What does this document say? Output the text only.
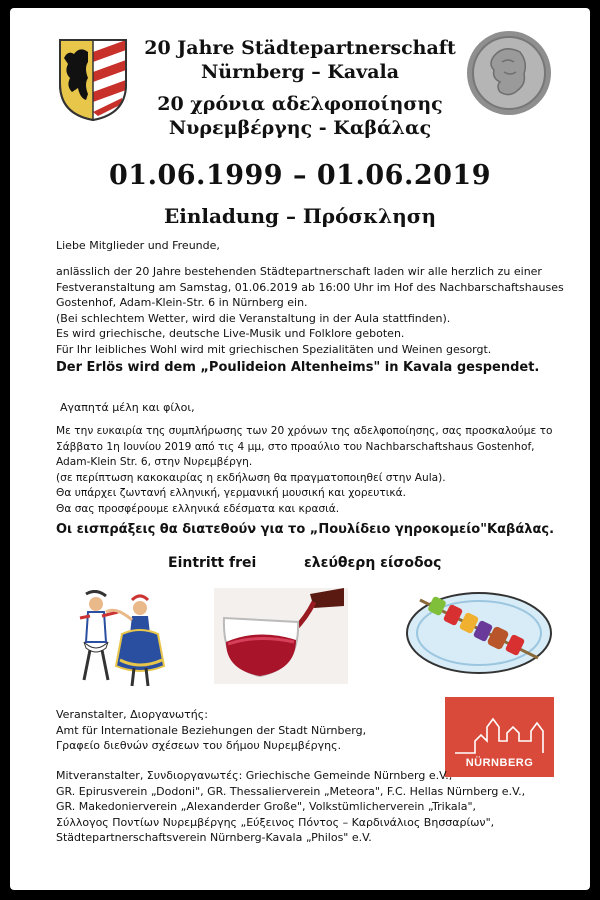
20 Jahre Städtepartnerschaft
Nürnberg – Kavala
20 χρόνια αδελφοποίησης
Νυρεμβέργης - Καβάλας
01.06.1999 – 01.06.2019
Einladung – Πρόσκληση
Liebe Mitglieder und Freunde,
anlässlich der 20 Jahre bestehenden Städtepartnerschaft laden wir alle herzlich zu einer
Festveranstaltung am Samstag, 01.06.2019 ab 16:00 Uhr im Hof des Nachbarschaftshauses
Gostenhof, Adam-Klein-Str. 6 in Nürnberg ein.
(Bei schlechtem Wetter, wird die Veranstaltung in der Aula stattfinden).
Es wird griechische, deutsche Live-Musik und Folklore geboten.
Für Ihr leibliches Wohl wird mit griechischen Spezialitäten und Weinen gesorgt.
Der Erlös wird dem „Poulideion Altenheims" in Kavala gespendet.
Αγαπητά μέλη και φίλοι,
Με την ευκαιρία της συμπλήρωσης των 20 χρόνων της αδελφοποίησης, σας προσκαλούμε το
Σάββατο 1η Ιουνίου 2019 από τις 4 μμ, στο προαύλιο του Nachbarschaftshaus Gostenhof,
Adam-Klein Str. 6, στην Νυρεμβέργη.
(σε περίπτωση κακοκαιρίας η εκδήλωση θα πραγματοποιηθεί στην Aula).
Θα υπάρχει ζωντανή ελληνική, γερμανική μουσική και χορευτικά.
Θα σας προσφέρουμε ελληνικά εδέσματα και κρασιά.
Οι εισπράξεις θα διατεθούν για το „Πουλίδειο γηροκομείο"Καβάλας.
Eintritt frei	ελεύθερη είσοδος
Veranstalter, Διοργανωτής:
Amt für Internationale Beziehungen der Stadt Nürnberg,
Γραφείο διεθνών σχέσεων του δήμου Νυρεμβέργης.
NÜRNBERG
Mitveranstalter, Συνδιοργανωτές: Griechische Gemeinde Nürnberg e.V.,
GR. Epirusverein „Dodoni", GR. Thessalierverein „Meteora", F.C. Hellas Nürnberg e.V.,
GR. Makedonierverein „Alexanderder Große", Volkstümlicherverein „Trikala",
Σύλλογος Ποντίων Νυρεμβέργης „Εύξεινος Πόντος – Καρδινάλιος Βησσαρίων",
Städtepartnerschaftsverein Nürnberg-Kavala „Philos" e.V.
